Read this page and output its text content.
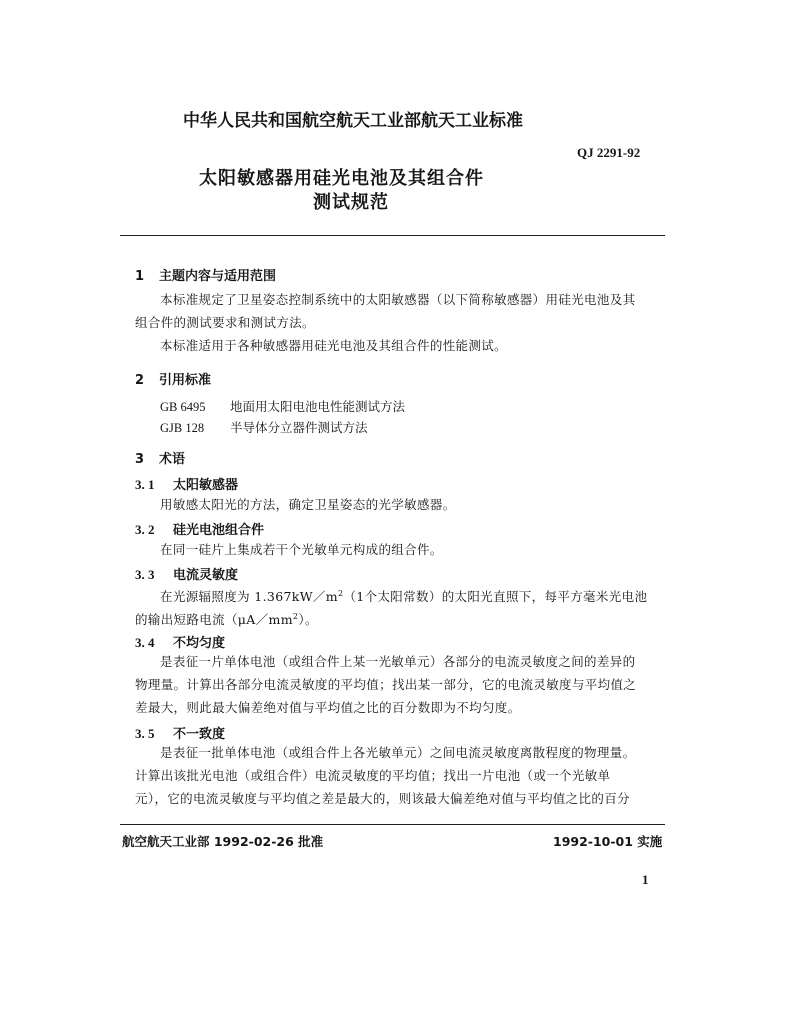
中华人民共和国航空航天工业部航天工业标准
QJ 2291-92
太阳敏感器用硅光电池及其组合件
测试规范
1 主题内容与适用范围
本标准规定了卫星姿态控制系统中的太阳敏感器（以下简称敏感器）用硅光电池及其
组合件的测试要求和测试方法。
本标准适用于各种敏感器用硅光电池及其组合件的性能测试。
2 引用标准
GB 6495 地面用太阳电池电性能测试方法
GJB 128 半导体分立器件测试方法
3 术语
3. 1 太阳敏感器
用敏感太阳光的方法，确定卫星姿态的光学敏感器。
3. 2 硅光电池组合件
在同一硅片上集成若干个光敏单元构成的组合件。
3. 3 电流灵敏度
在光源辐照度为 $1.367kW/m^2(1$个太阳常数）的太阳光直照下，每平方毫米光电池
的输出短路电流$(\mu A/mm^2)$。
3. 4 不均匀度
是表征一片单体电池（或组合件上某一光敏单元）各部分的电流灵敏度之间的差异的
物理量。计算出各部分电流灵敏度的平均值；找出某一部分，它的电流灵敏度与平均值之
差最大，则此最大偏差绝对值与平均值之比的百分数即为不均匀度。
3. 5 不一致度
是表征一批单体电池（或组合件上各光敏单元）之间电流灵敏度离散程度的物理量。
计算出该批光电池（或组合件）电流灵敏度的平均值；找出一片电池（或一个光敏单
元），它的电流灵敏度与平均值之差是最大的，则该最大偏差绝对值与平均值之比的百分
航空航天工业部 1992-02-26 批准	1992-10-01 实施
1
